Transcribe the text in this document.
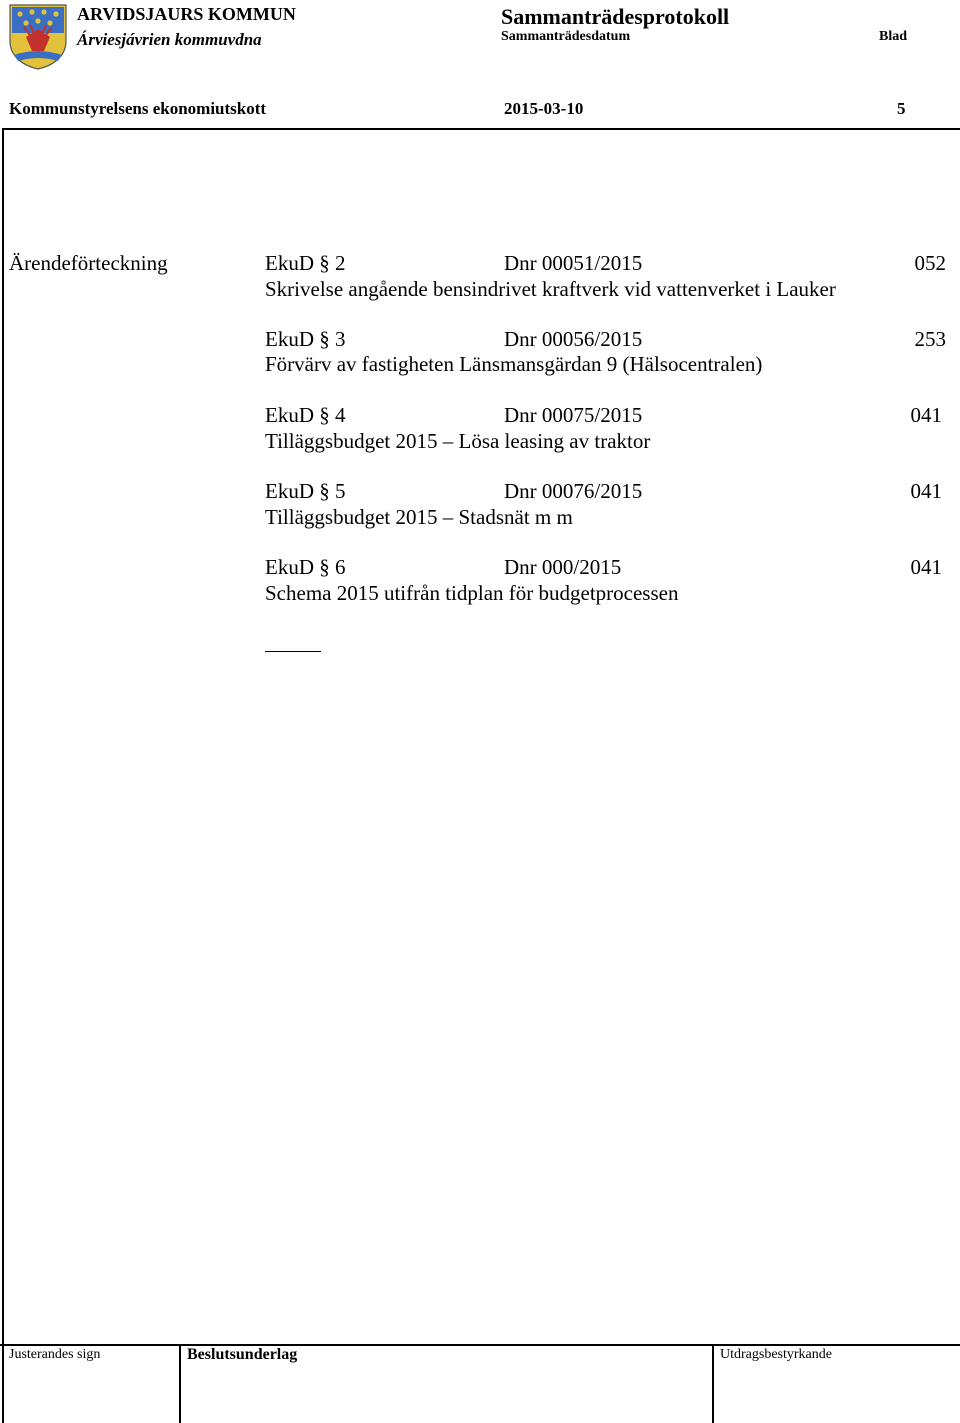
ARVIDSJAURS KOMMUN
Árviesjávrien kommuvdna
Sammanträdesprotokoll
Sammanträdesdatum	Blad
Kommunstyrelsens ekonomiutskott	2015-03-10	5
Ärendeförteckning	EkuD § 2	Dnr 00051/2015	052
Skrivelse angående bensindrivet kraftverk vid vattenverket i Lauker
EkuD § 3	Dnr 00056/2015	253
Förvärv av fastigheten Länsmansgärdan 9 (Hälsocentralen)
EkuD § 4	Dnr 00075/2015	041
Tilläggsbudget 2015 – Lösa leasing av traktor
EkuD § 5	Dnr 00076/2015	041
Tilläggsbudget 2015 – Stadsnät m m
EkuD § 6	Dnr 000/2015	041
Schema 2015 utifrån tidplan för budgetprocessen
Justerandes sign	Beslutsunderlag	Utdragsbestyrkande
